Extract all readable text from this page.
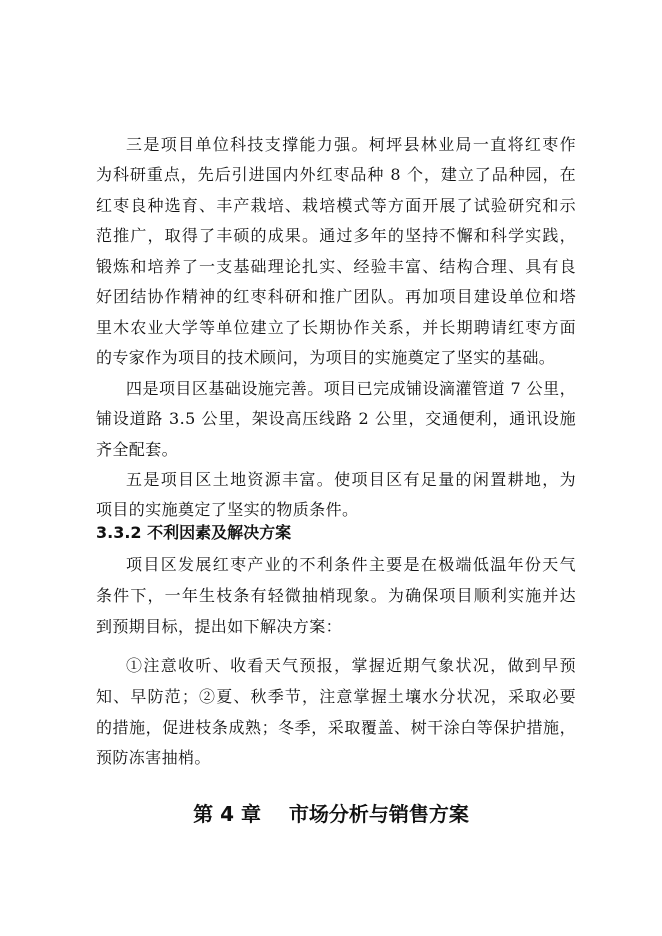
三是项目单位科技支撑能力强。柯坪县林业局一直将红枣作
为科研重点，先后引进国内外红枣品种 8 个，建立了品种园，在
红枣良种选育、丰产栽培、栽培模式等方面开展了试验研究和示
范推广，取得了丰硕的成果。通过多年的坚持不懈和科学实践，
锻炼和培养了一支基础理论扎实、经验丰富、结构合理、具有良
好团结协作精神的红枣科研和推广团队。再加项目建设单位和塔
里木农业大学等单位建立了长期协作关系，并长期聘请红枣方面
的专家作为项目的技术顾问，为项目的实施奠定了坚实的基础。
四是项目区基础设施完善。项目已完成铺设滴灌管道 7 公里，
铺设道路 3.5 公里，架设高压线路 2 公里，交通便利，通讯设施
齐全配套。
五是项目区土地资源丰富。使项目区有足量的闲置耕地，为
项目的实施奠定了坚实的物质条件。
3.3.2 不利因素及解决方案
项目区发展红枣产业的不利条件主要是在极端低温年份天气
条件下，一年生枝条有轻微抽梢现象。为确保项目顺利实施并达
到预期目标，提出如下解决方案：
①注意收听、收看天气预报，掌握近期气象状况，做到早预
知、早防范；②夏、秋季节，注意掌握土壤水分状况，采取必要
的措施，促进枝条成熟；冬季，采取覆盖、树干涂白等保护措施，
预防冻害抽梢。
第 4 章    市场分析与销售方案
